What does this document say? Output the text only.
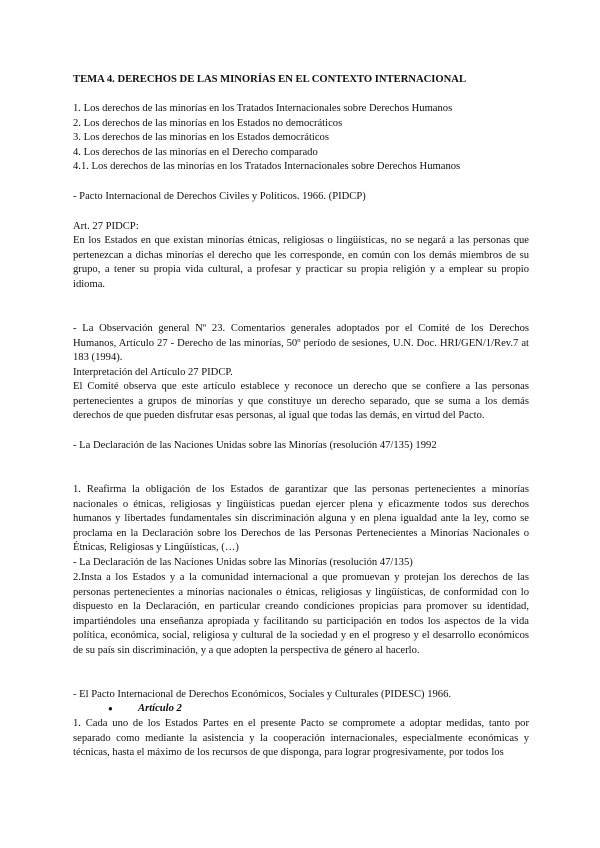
TEMA 4. DERECHOS DE LAS MINORÍAS EN EL CONTEXTO INTERNACIONAL

1. Los derechos de las minorías en los Tratados Internacionales sobre Derechos Humanos
2. Los derechos de las minorías en los Estados no democráticos
3. Los derechos de las minorías en los Estados democráticos
4. Los derechos de las minorías en el Derecho comparado
4.1. Los derechos de las minorías en los Tratados Internacionales sobre Derechos Humanos

- Pacto Internacional de Derechos Civiles y Políticos. 1966. (PIDCP)

Art. 27 PIDCP:

En los Estados en que existan minorías étnicas, religiosas o lingüísticas, no se negará a las personas que pertenezcan a dichas minorías el derecho que les corresponde, en común con los demás miembros de su grupo, a tener su propia vida cultural, a profesar y practicar su propia religión y a emplear su propio idioma.

- La Observación general Nº 23. Comentarios generales adoptados por el Comité de los Derechos Humanos, Artículo 27 - Derecho de las minorías, 50º período de sesiones, U.N. Doc. HRI/GEN/1/Rev.7 at 183 (1994).

Interpretación del Artículo 27 PIDCP.

El Comité observa que este artículo establece y reconoce un derecho que se confiere a las personas pertenecientes a grupos de minorías y que constituye un derecho separado, que se suma a los demás derechos de que pueden disfrutar esas personas, al igual que todas las demás, en virtud del Pacto.

- La Declaración de las Naciones Unidas sobre las Minorías (resolución 47/135) 1992

1. Reafirma la obligación de los Estados de garantizar que las personas pertenecientes a minorías nacionales o étnicas, religiosas y lingüísticas puedan ejercer plena y eficazmente todos sus derechos humanos y libertades fundamentales sin discriminación alguna y en plena igualdad ante la ley, como se proclama en la Declaración sobre los Derechos de las Personas Pertenecientes a Minorías Nacionales o Étnicas, Religiosas y Lingüísticas, (…)

- La Declaración de las Naciones Unidas sobre las Minorías (resolución 47/135)

2.Insta a los Estados y a la comunidad internacional a que promuevan y protejan los derechos de las personas pertenecientes a minorías nacionales o étnicas, religiosas y lingüísticas, de conformidad con lo dispuesto en la Declaración, en particular creando condiciones propicias para promover su identidad, impartiéndoles una enseñanza apropiada y facilitando su participación en todos los aspectos de la vida política, económica, social, religiosa y cultural de la sociedad y en el progreso y el desarrollo económicos de su país sin discriminación, y a que adopten la perspectiva de género al hacerlo.

- El Pacto Internacional de Derechos Económicos, Sociales y Culturales (PIDESC) 1966.

● Artículo 2

1. Cada uno de los Estados Partes en el presente Pacto se compromete a adoptar medidas, tanto por separado como mediante la asistencia y la cooperación internacionales, especialmente económicas y técnicas, hasta el máximo de los recursos de que disponga, para lograr progresivamente, por todos los
